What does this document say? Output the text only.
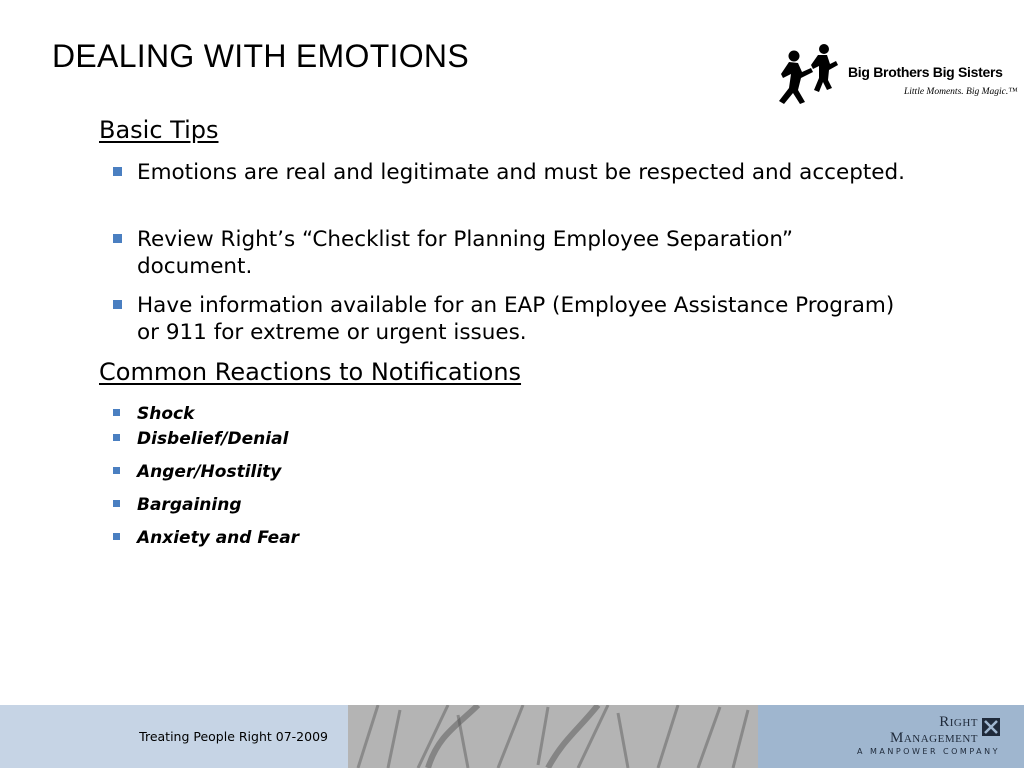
DEALING WITH EMOTIONS	Big Brothers Big Sisters
Little Moments. Big Magic.™
Basic Tips
Emotions are real and legitimate and must be respected and accepted.
Review Right’s “Checklist for Planning Employee Separation” document.
Have information available for an EAP (Employee Assistance Program) or 911 for extreme or urgent issues.
Common Reactions to Notifications
Shock
Disbelief/Denial
Anger/Hostility
Bargaining
Anxiety and Fear
Treating People Right 07-2009
Right
Management
A MANPOWER COMPANY
